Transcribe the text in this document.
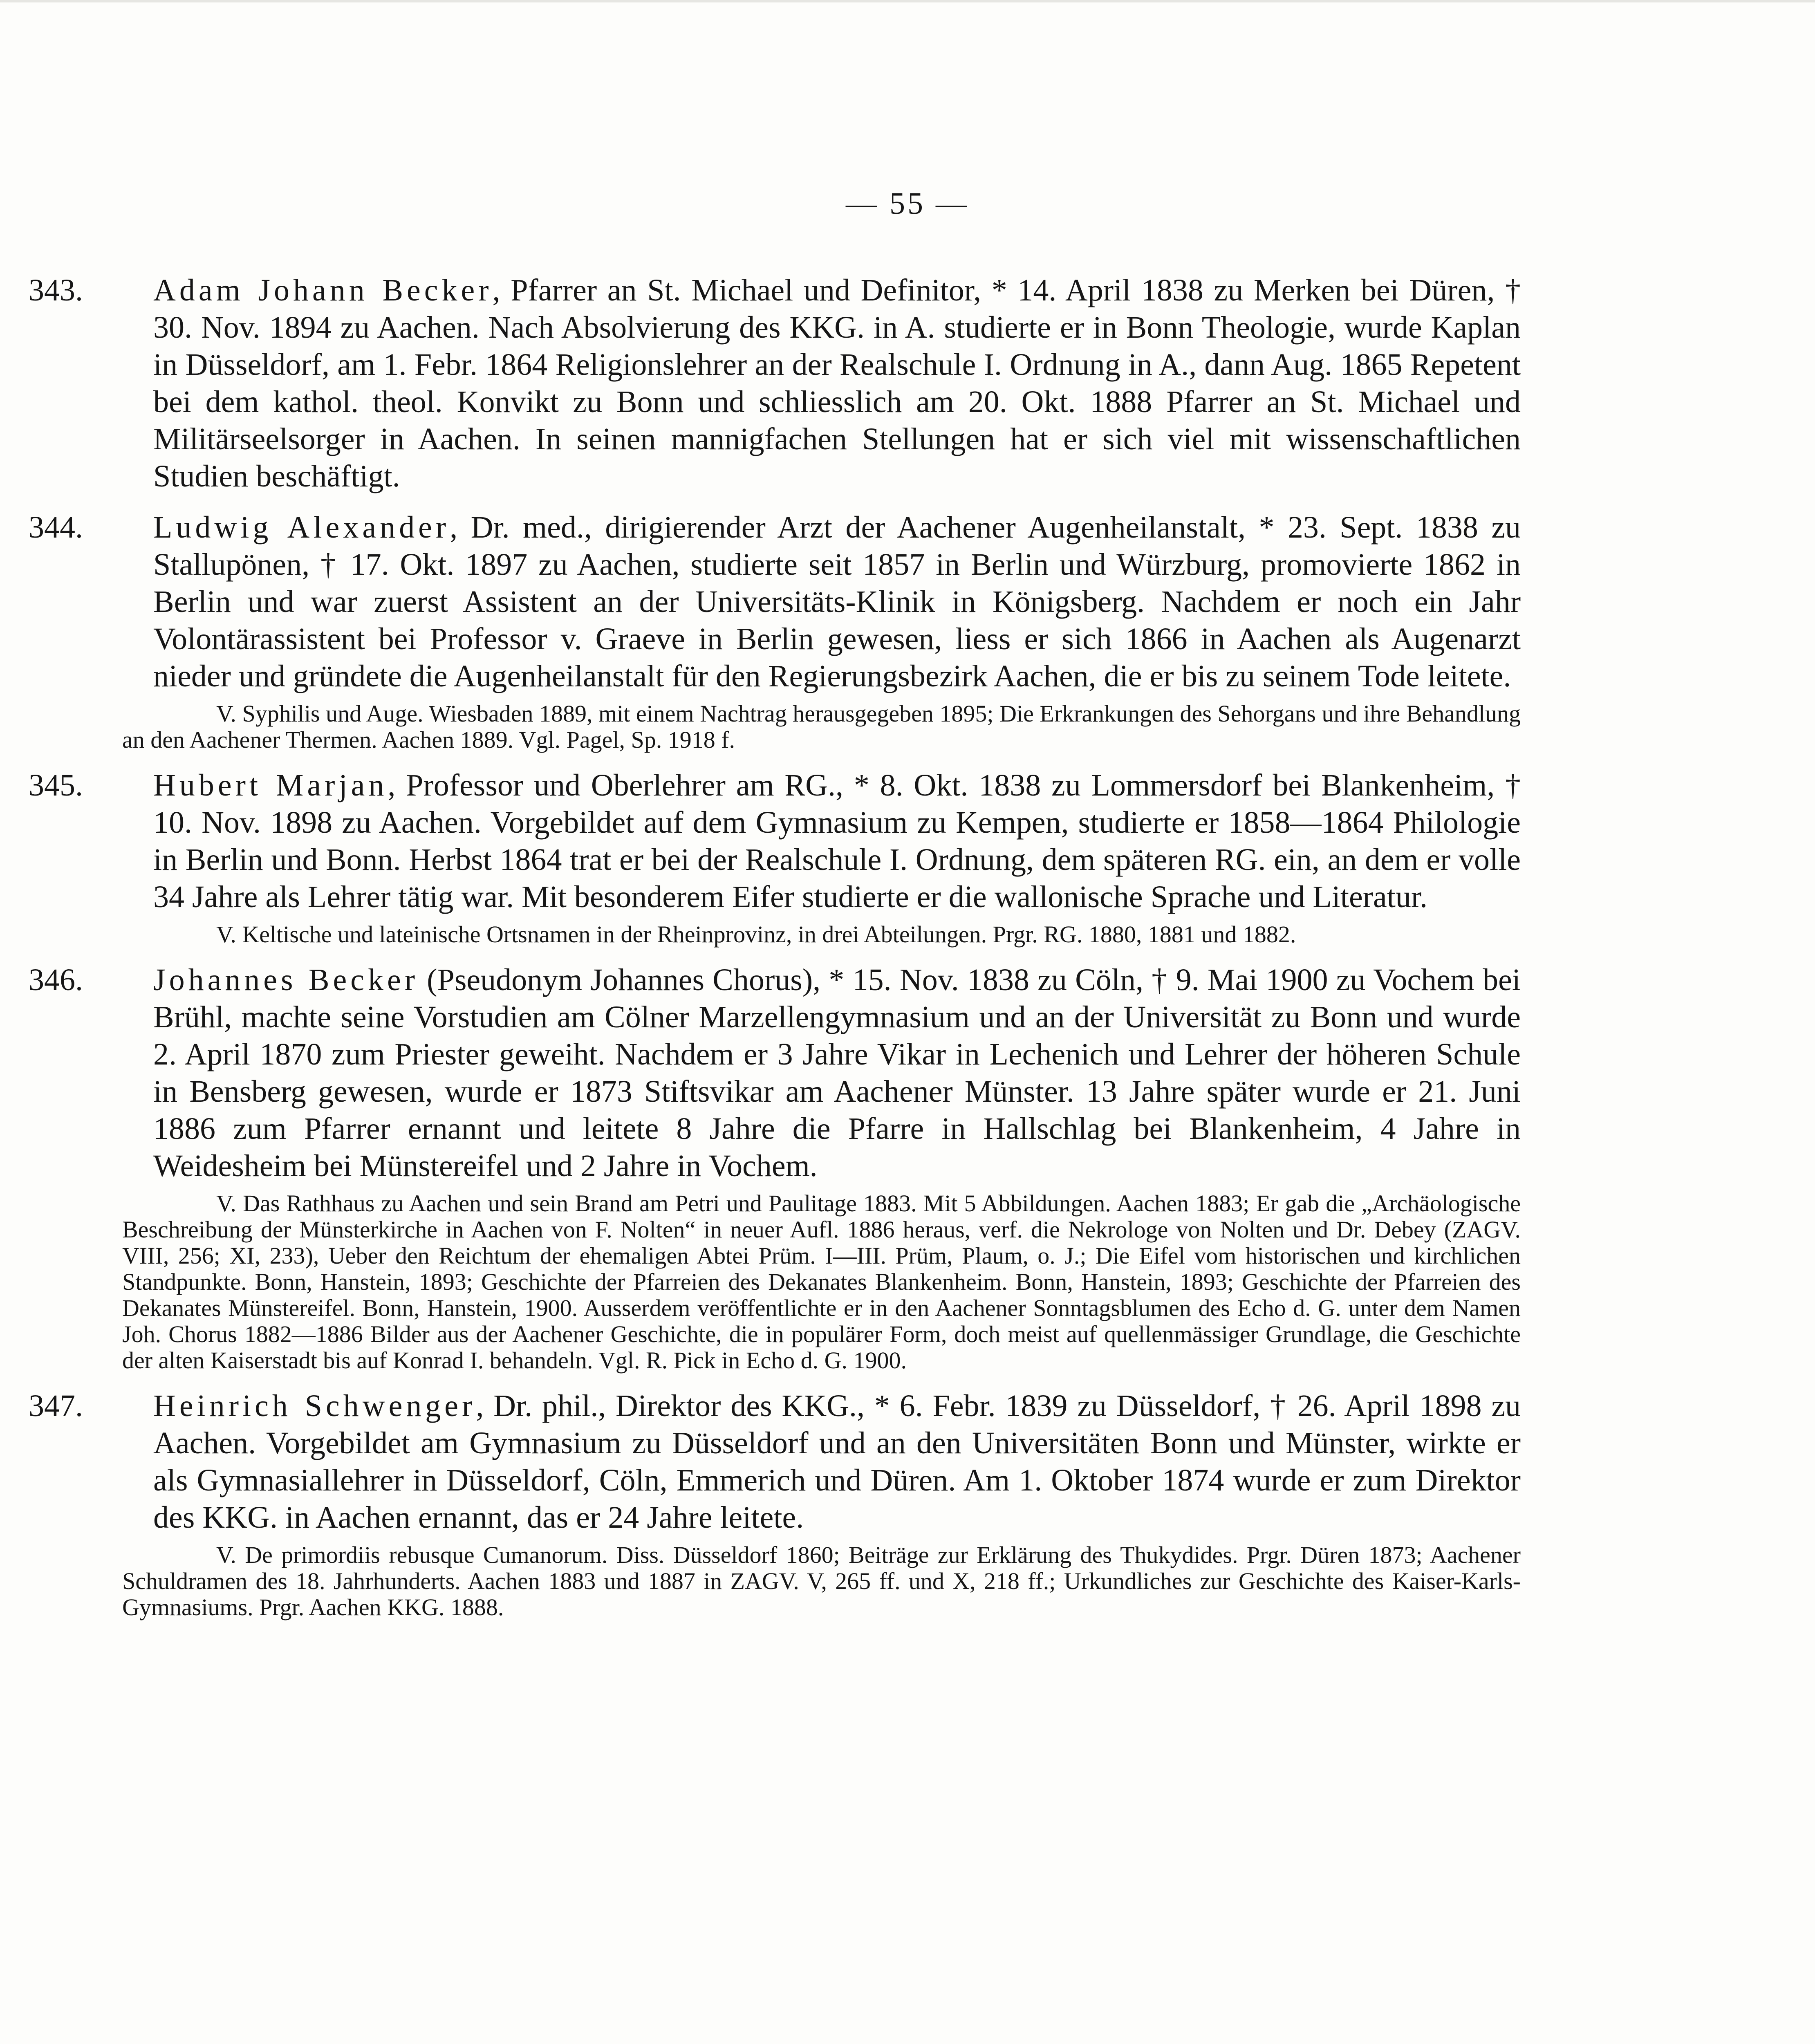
— 55 —
343. Adam Johann Becker, Pfarrer an St. Michael und Definitor, * 14. April 1838 zu Merken bei Düren, † 30. Nov. 1894 zu Aachen. Nach Absolvierung des KKG. in A. studierte er in Bonn Theologie, wurde Kaplan in Düsseldorf, am 1. Febr. 1864 Religionslehrer an der Realschule I. Ordnung in A., dann Aug. 1865 Repetent bei dem kathol. theol. Konvikt zu Bonn und schliesslich am 20. Okt. 1888 Pfarrer an St. Michael und Militärseelsorger in Aachen. In seinen mannigfachen Stellungen hat er sich viel mit wissenschaftlichen Studien beschäftigt.
344. Ludwig Alexander, Dr. med., dirigierender Arzt der Aachener Augenheilanstalt, * 23. Sept. 1838 zu Stallupönen, † 17. Okt. 1897 zu Aachen, studierte seit 1857 in Berlin und Würzburg, promovierte 1862 in Berlin und war zuerst Assistent an der Universitäts-Klinik in Königsberg. Nachdem er noch ein Jahr Volontärassistent bei Professor v. Graeve in Berlin gewesen, liess er sich 1866 in Aachen als Augenarzt nieder und gründete die Augenheilanstalt für den Regierungsbezirk Aachen, die er bis zu seinem Tode leitete.
V. Syphilis und Auge. Wiesbaden 1889, mit einem Nachtrag herausgegeben 1895; Die Erkrankungen des Sehorgans und ihre Behandlung an den Aachener Thermen. Aachen 1889. Vgl. Pagel, Sp. 1918 f.
345. Hubert Marjan, Professor und Oberlehrer am RG., * 8. Okt. 1838 zu Lommersdorf bei Blankenheim, † 10. Nov. 1898 zu Aachen. Vorgebildet auf dem Gymnasium zu Kempen, studierte er 1858—1864 Philologie in Berlin und Bonn. Herbst 1864 trat er bei der Realschule I. Ordnung, dem späteren RG. ein, an dem er volle 34 Jahre als Lehrer tätig war. Mit besonderem Eifer studierte er die wallonische Sprache und Literatur.
V. Keltische und lateinische Ortsnamen in der Rheinprovinz, in drei Abteilungen. Prgr. RG. 1880, 1881 und 1882.
346. Johannes Becker (Pseudonym Johannes Chorus), * 15. Nov. 1838 zu Cöln, † 9. Mai 1900 zu Vochem bei Brühl, machte seine Vorstudien am Cölner Marzellengymnasium und an der Universität zu Bonn und wurde 2. April 1870 zum Priester geweiht. Nachdem er 3 Jahre Vikar in Lechenich und Lehrer der höheren Schule in Bensberg gewesen, wurde er 1873 Stiftsvikar am Aachener Münster. 13 Jahre später wurde er 21. Juni 1886 zum Pfarrer ernannt und leitete 8 Jahre die Pfarre in Hallschlag bei Blankenheim, 4 Jahre in Weidesheim bei Münstereifel und 2 Jahre in Vochem.
V. Das Rathhaus zu Aachen und sein Brand am Petri und Paulitage 1883. Mit 5 Abbildungen. Aachen 1883; Er gab die „Archäologische Beschreibung der Münsterkirche in Aachen von F. Nolten“ in neuer Aufl. 1886 heraus, verf. die Nekrologe von Nolten und Dr. Debey (ZAGV. VIII, 256; XI, 233), Ueber den Reichtum der ehemaligen Abtei Prüm. I—III. Prüm, Plaum, o. J.; Die Eifel vom historischen und kirchlichen Standpunkte. Bonn, Hanstein, 1893; Geschichte der Pfarreien des Dekanates Blankenheim. Bonn, Hanstein, 1893; Geschichte der Pfarreien des Dekanates Münstereifel. Bonn, Hanstein, 1900. Ausserdem veröffentlichte er in den Aachener Sonntagsblumen des Echo d. G. unter dem Namen Joh. Chorus 1882—1886 Bilder aus der Aachener Geschichte, die in populärer Form, doch meist auf quellenmässiger Grundlage, die Geschichte der alten Kaiserstadt bis auf Konrad I. behandeln. Vgl. R. Pick in Echo d. G. 1900.
347. Heinrich Schwenger, Dr. phil., Direktor des KKG., * 6. Febr. 1839 zu Düsseldorf, † 26. April 1898 zu Aachen. Vorgebildet am Gymnasium zu Düsseldorf und an den Universitäten Bonn und Münster, wirkte er als Gymnasiallehrer in Düsseldorf, Cöln, Emmerich und Düren. Am 1. Oktober 1874 wurde er zum Direktor des KKG. in Aachen ernannt, das er 24 Jahre leitete.
V. De primordiis rebusque Cumanorum. Diss. Düsseldorf 1860; Beiträge zur Erklärung des Thukydides. Prgr. Düren 1873; Aachener Schuldramen des 18. Jahrhunderts. Aachen 1883 und 1887 in ZAGV. V, 265 ff. und X, 218 ff.; Urkundliches zur Geschichte des Kaiser-Karls-Gymnasiums. Prgr. Aachen KKG. 1888.
